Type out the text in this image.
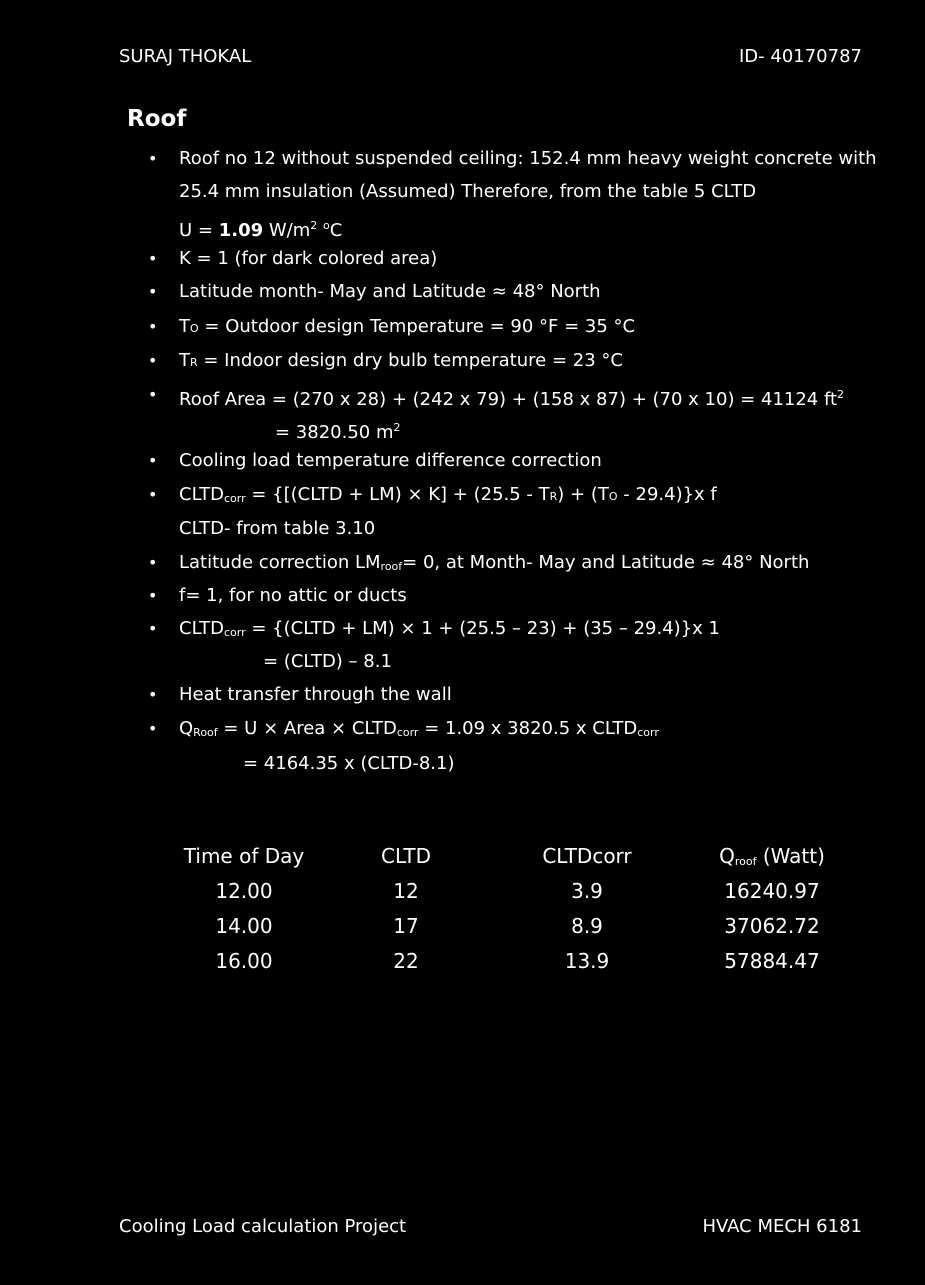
SURAJ THOKAL	ID- 40170787
Roof
• Roof no 12 without suspended ceiling: 152.4 mm heavy weight concrete with
25.4 mm insulation (Assumed) Therefore, from the table 5 CLTD
U = 1.09 $W/m^2$ $^o$C
• K = 1 (for dark colored area)
• Latitude month- May and Latitude ≈ 48° North
• TO = Outdoor design Temperature = 90 °F = 35 °C
• TR = Indoor design dry bulb temperature = 23 °C
• Roof Area = (270 x 28) + (242 x 79) + (158 x 87) + (70 x 10) = 41124 $ft^2$
= 3820.50 $m^2$
• Cooling load temperature difference correction
• $CLTD_{corr}$ = {[(CLTD + LM) × K] + (25.5 - TR) + (TO - 29.4)}x f
CLTD- from table 3.10
• Latitude correction $LM_{roof}= 0$, at Month- May and Latitude ≈ 48° North
• f= 1, for no attic or ducts
• $CLTD_{corr}$ = {(CLTD + LM) × 1 + (25.5 – 23) + (35 – 29.4)}x 1
= (CLTD) – 8.1
• Heat transfer through the wall
• $Q_{Roof} = U$ × Area × $CLTD_{corr} = 1.09$ x 3820.5 x $CLTD_{corr}$
= 4164.35 x (CLTD-8.1)
Time of Day	CLTD	CLTDcorr	$Q_{roof}$ (Watt)
12.00	12	3.9	16240.97
14.00	17	8.9	37062.72
16.00	22	13.9	57884.47
Cooling Load calculation Project	HVAC MECH 6181
